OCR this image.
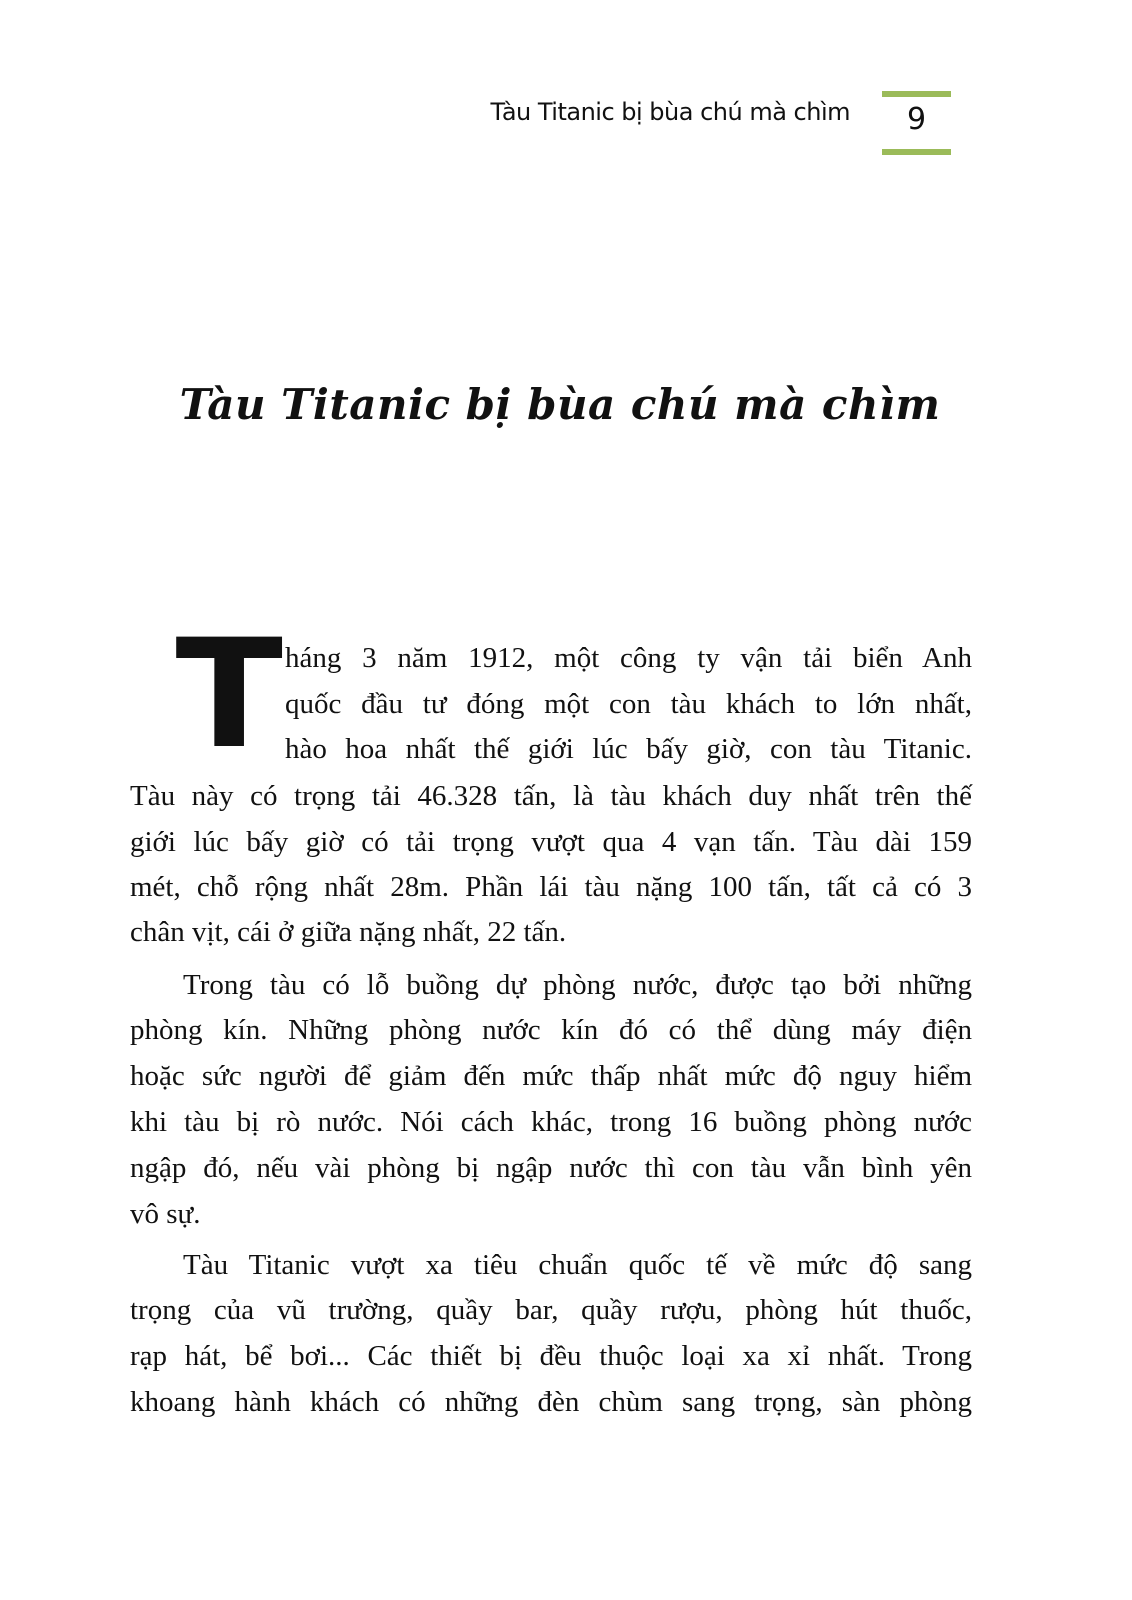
Tàu Titanic bị bùa chú mà chìm	9
Tàu Titanic bị bùa chú mà chìm
T háng 3 năm 1912, một công ty vận tải biển Anh
quốc đầu tư đóng một con tàu khách to lớn nhất,
hào hoa nhất thế giới lúc bấy giờ, con tàu Titanic.
Tàu này có trọng tải 46.328 tấn, là tàu khách duy nhất trên thế
giới lúc bấy giờ có tải trọng vượt qua 4 vạn tấn. Tàu dài 159
mét, chỗ rộng nhất 28m. Phần lái tàu nặng 100 tấn, tất cả có 3
chân vịt, cái ở giữa nặng nhất, 22 tấn.
Trong tàu có lỗ buồng dự phòng nước, được tạo bởi những
phòng kín. Những phòng nước kín đó có thể dùng máy điện
hoặc sức người để giảm đến mức thấp nhất mức độ nguy hiểm
khi tàu bị rò nước. Nói cách khác, trong 16 buồng phòng nước
ngập đó, nếu vài phòng bị ngập nước thì con tàu vẫn bình yên
vô sự.
Tàu Titanic vượt xa tiêu chuẩn quốc tế về mức độ sang
trọng của vũ trường, quầy bar, quầy rượu, phòng hút thuốc,
rạp hát, bể bơi... Các thiết bị đều thuộc loại xa xỉ nhất. Trong
khoang hành khách có những đèn chùm sang trọng, sàn phòng
